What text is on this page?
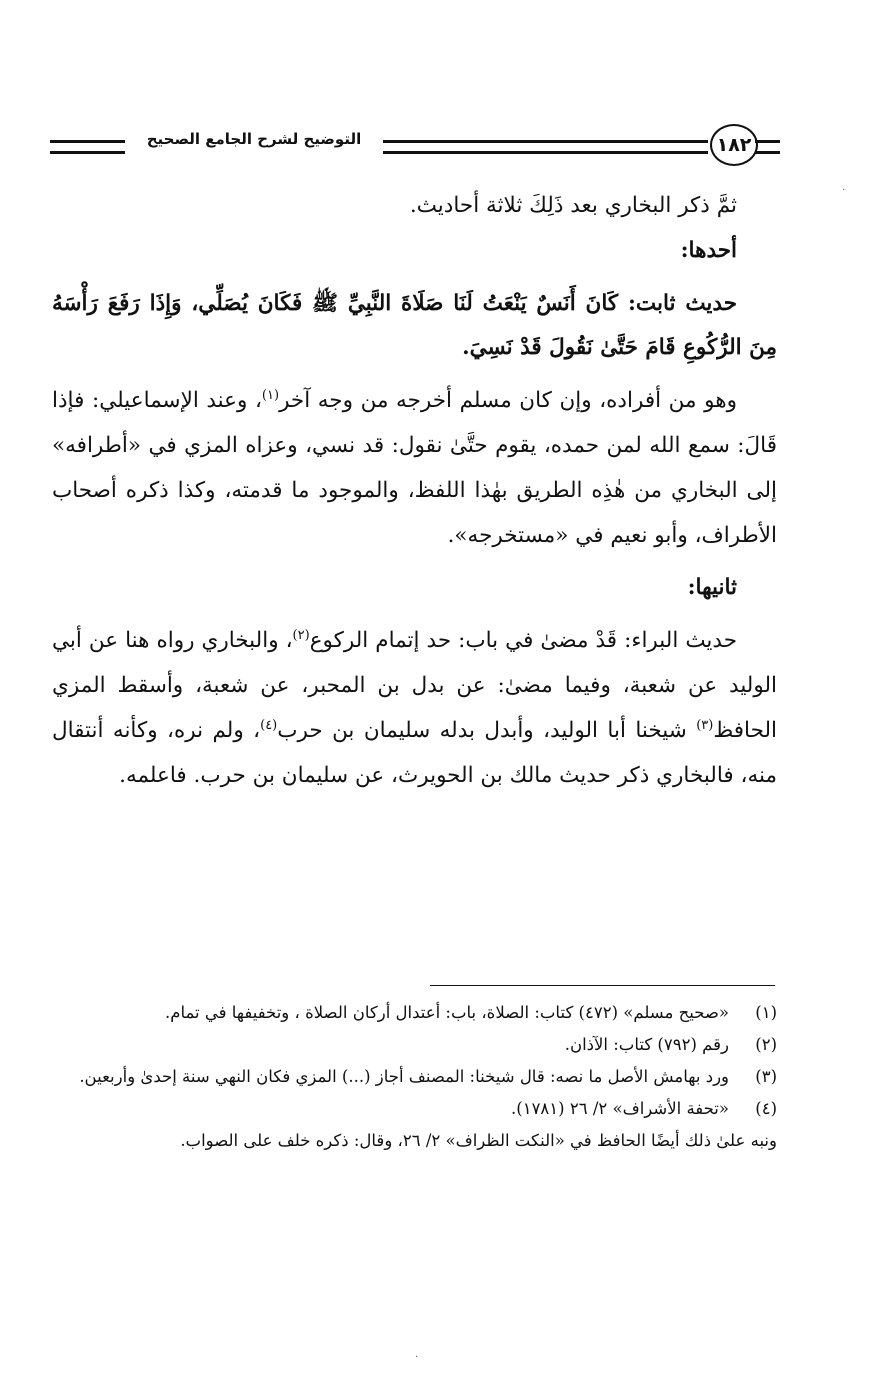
التوضيح لشرح الجامع الصحيح	١٨٢

ثمَّ ذكر البخاري بعد ذَلِكَ ثلاثة أحاديث.

أحدها:

حديث ثابت: كَانَ أَنَسٌ يَنْعَتُ لَنَا صَلَاةَ النَّبِيِّ ﷺ فَكَانَ يُصَلِّي، وَإِذَا رَفَعَ رَأْسَهُ مِنَ الرُّكُوعِ قَامَ حَتَّىٰ نَقُولَ قَدْ نَسِيَ.

وهو من أفراده، وإن كان مسلم أخرجه من وجه آخر$^{(١)}$، وعند الإسماعيلي: فإذا قَالَ: سمع الله لمن حمده، يقوم حتَّىٰ نقول: قد نسي، وعزاه المزي في «أطرافه» إلى البخاري من هٰذِه الطريق بهٰذا اللفظ، والموجود ما قدمته، وكذا ذكره أصحاب الأطراف، وأبو نعيم في «مستخرجه».

ثانيها:

حديث البراء: قَدْ مضىٰ في باب: حد إتمام الركوع$^{(٢)}$، والبخاري رواه هنا عن أبي الوليد عن شعبة، وفيما مضىٰ: عن بدل بن المحبر، عن شعبة، وأسقط المزي الحافظ$^{(٣)}$ شيخنا أبا الوليد، وأبدل بدله سليمان بن حرب$^{(٤)}$، ولم نره، وكأنه أنتقال منه، فالبخاري ذكر حديث مالك بن الحويرث، عن سليمان بن حرب. فاعلمه.

(١)
«صحيح مسلم» (٤٧٢) كتاب: الصلاة، باب: أعتدال أركان الصلاة ، وتخفيفها في تمام.
(٢)
رقم (٧٩٢) كتاب: الآذان.
(٣)
ورد بهامش الأصل ما نصه: قال شيخنا: المصنف أجاز (...) المزي فكان النهي سنة إحدىٰ وأربعين.
(٤)
«تحفة الأشراف» ٢/ ٢٦ (١٧٨١).
ونبه علىٰ ذلك أيضًا الحافظ في «النكت الظراف» ٢/ ٢٦، وقال: ذكره خلف على الصواب.
·
·
